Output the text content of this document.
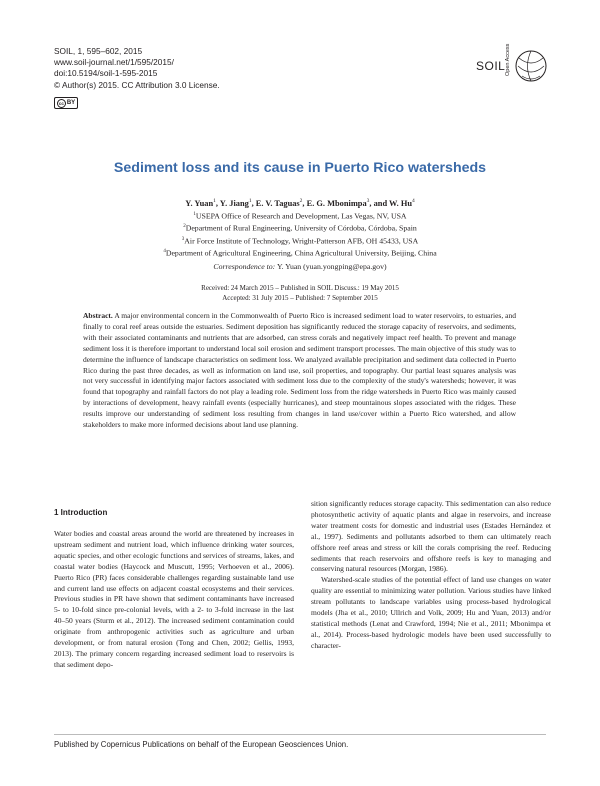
SOIL, 1, 595–602, 2015
www.soil-journal.net/1/595/2015/
doi:10.5194/soil-1-595-2015
© Author(s) 2015. CC Attribution 3.0 License.
cc BY
SOIL Open Access
Sediment loss and its cause in Puerto Rico watersheds
Y. Yuan$^1$, Y. Jiang$^1$, E. V. Taguas$^2$, E. G. Mbonimpa$^3$, and W. Hu$^4$
$^1$USEPA Office of Research and Development, Las Vegas, NV, USA
$^2$Department of Rural Engineering, University of Córdoba, Córdoba, Spain
$^3$Air Force Institute of Technology, Wright-Patterson AFB, OH 45433, USA
$^4$Department of Agricultural Engineering, China Agricultural University, Beijing, China
Correspondence to: Y. Yuan (yuan.yongping@epa.gov)
Received: 24 March 2015 – Published in SOIL Discuss.: 19 May 2015
Accepted: 31 July 2015 – Published: 7 September 2015
Abstract. A major environmental concern in the Commonwealth of Puerto Rico is increased sediment load to water reservoirs, to estuaries, and finally to coral reef areas outside the estuaries. Sediment deposition has significantly reduced the storage capacity of reservoirs, and sediments, with their associated contaminants and nutrients that are adsorbed, can stress corals and negatively impact reef health. To prevent and manage sediment loss it is therefore important to understand local soil erosion and sediment transport processes. The main objective of this study was to determine the influence of landscape characteristics on sediment loss. We analyzed available precipitation and sediment data collected in Puerto Rico during the past three decades, as well as information on land use, soil properties, and topography. Our partial least squares analysis was not very successful in identifying major factors associated with sediment loss due to the complexity of the study's watersheds; however, it was found that topography and rainfall factors do not play a leading role. Sediment loss from the ridge watersheds in Puerto Rico was mainly caused by interactions of development, heavy rainfall events (especially hurricanes), and steep mountainous slopes associated with the ridges. These results improve our understanding of sediment loss resulting from changes in land use/cover within a Puerto Rico watershed, and allow stakeholders to make more informed decisions about land use planning.
1 Introduction
Water bodies and coastal areas around the world are threatened by increases in upstream sediment and nutrient load, which influence drinking water sources, aquatic species, and other ecologic functions and services of streams, lakes, and coastal water bodies (Haycock and Muscutt, 1995; Verhoeven et al., 2006). Puerto Rico (PR) faces considerable challenges regarding sustainable land use and current land use effects on adjacent coastal ecosystems and their services. Previous studies in PR have shown that sediment contaminants have increased 5- to 10-fold since pre-colonial levels, with a 2- to 3-fold increase in the last 40–50 years (Sturm et al., 2012). The increased sediment contamination could originate from anthropogenic activities such as agriculture and urban development, or from natural erosion (Tong and Chen, 2002; Gellis, 1993, 2013). The primary concern regarding increased sediment load to reservoirs is that sediment depo-
sition significantly reduces storage capacity. This sedimentation can also reduce photosynthetic activity of aquatic plants and algae in reservoirs, and increase water treatment costs for domestic and industrial uses (Estades Hernández et al., 1997). Sediments and pollutants adsorbed to them can ultimately reach offshore reef areas and stress or kill the corals comprising the reef. Reducing sediments that reach reservoirs and offshore reefs is key to managing and conserving natural resources (Morgan, 1986).
Watershed-scale studies of the potential effect of land use changes on water quality are essential to minimizing water pollution. Various studies have linked stream pollutants to landscape variables using process-based hydrological models (Jha et al., 2010; Ullrich and Volk, 2009; Hu and Yuan, 2013) and/or statistical methods (Lenat and Crawford, 1994; Nie et al., 2011; Mbonimpa et al., 2014). Process-based hydrologic models have been used successfully to character-
Published by Copernicus Publications on behalf of the European Geosciences Union.
